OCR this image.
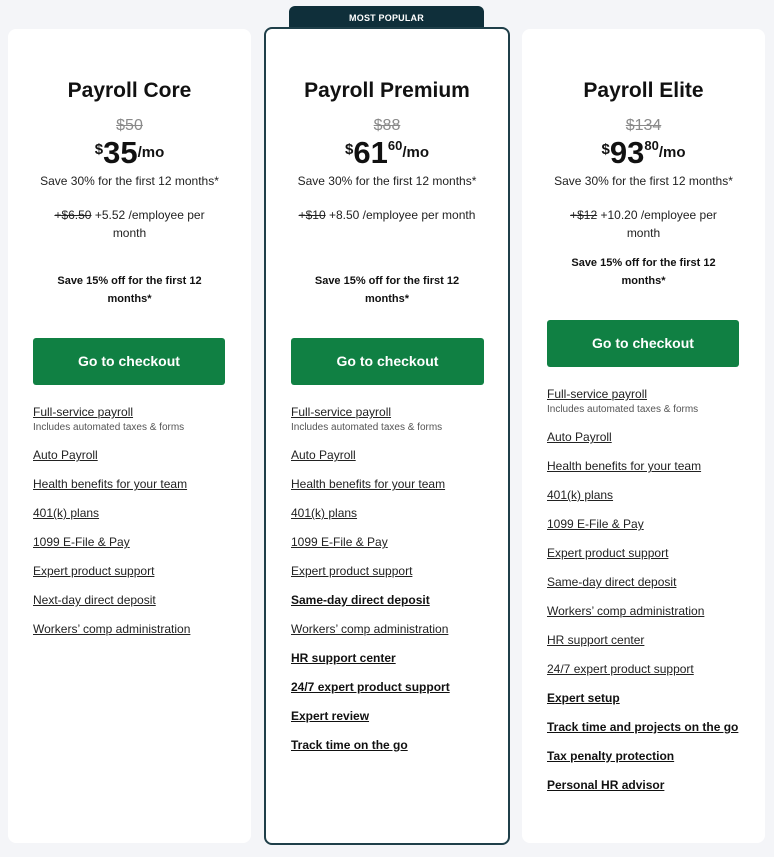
MOST POPULAR
Payroll Core
$50
$35/mo
Save 30% for the first 12 months*
+$6.50 +5.52 /employee per month
Save 15% off for the first 12 months*
Go to checkout
Full-service payroll
Includes automated taxes & forms
Auto Payroll
Health benefits for your team
401(k) plans
1099 E-File & Pay
Expert product support
Next-day direct deposit
Workers’ comp administration
Payroll Premium
$88
$\$61^{60}/mo$
Save 30% for the first 12 months*
+$10 +8.50 /employee per month
Save 15% off for the first 12 months*
Go to checkout
Full-service payroll
Includes automated taxes & forms
Auto Payroll
Health benefits for your team
401(k) plans
1099 E-File & Pay
Expert product support
Same-day direct deposit
Workers’ comp administration
HR support center
24/7 expert product support
Expert review
Track time on the go
Payroll Elite
$134
$\$93^{80}/mo$
Save 30% for the first 12 months*
+$12 +10.20 /employee per month
Save 15% off for the first 12 months*
Go to checkout
Full-service payroll
Includes automated taxes & forms
Auto Payroll
Health benefits for your team
401(k) plans
1099 E-File & Pay
Expert product support
Same-day direct deposit
Workers’ comp administration
HR support center
24/7 expert product support
Expert setup
Track time and projects on the go
Tax penalty protection
Personal HR advisor
